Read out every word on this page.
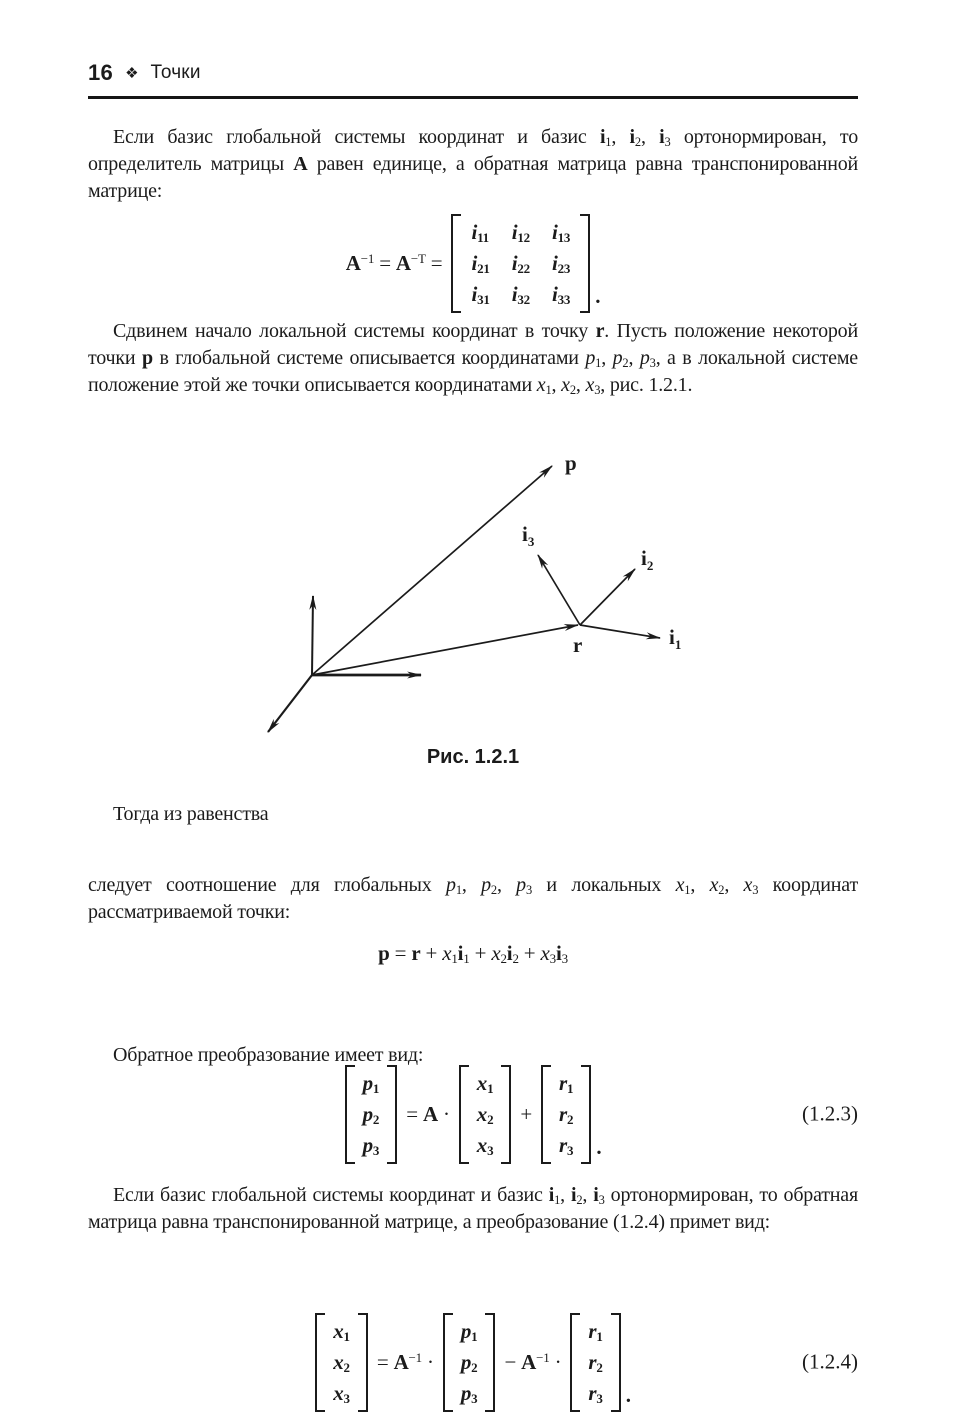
16 ❖ Точки
Если базис глобальной системы координат и базис $i_1$, $i_2$, $i_3$ ортонормирован, то определитель матрицы A равен единице, а обратная матрица равна транспонированной матрице:
$A^{-1} = A^{-T}$ =
$i_{11}$ $i_{12}$ $i_{13}$
$i_{21}$ $i_{22}$ $i_{23}$
$i_{31}$ $i_{32}$ $i_{33}$ .
Сдвинем начало локальной системы координат в точку r. Пусть положение некоторой точки p в глобальной системе описывается координатами $p_1$, $p_2$, $p_3$, а в локальной системе положение этой же точки описывается координатами $x_1$, $x_2$, $x_3$, рис. 1.2.1.
p
r
$i_3$
$i_2$
$i_1$
Рис. 1.2.1
Тогда из равенства
$p = r + x_1i_1 + x_2i_2 + x_3i_3$
следует соотношение для глобальных $p_1$, $p_2$, $p_3$ и локальных $x_1$, $x_2$, $x_3$ координат рассматриваемой точки:
$p_1$
$p_2$
$p_3$
= A ·
$x_1$
$x_2$
$x_3$
+
$r_1$
$r_2$
$r_3$ .
(1.2.3)
Обратное преобразование имеет вид:
$x_1$
$x_2$
$x_3$
= $A^{-1}$ ·
$p_1$
$p_2$
$p_3$
− $A^{-1}$ ·
$r_1$
$r_2$
$r_3$ .
(1.2.4)
Если базис глобальной системы координат и базис $i_1$, $i_2$, $i_3$ ортонормирован, то обратная матрица равна транспонированной матрице, а преобразование (1.2.4) примет вид:
